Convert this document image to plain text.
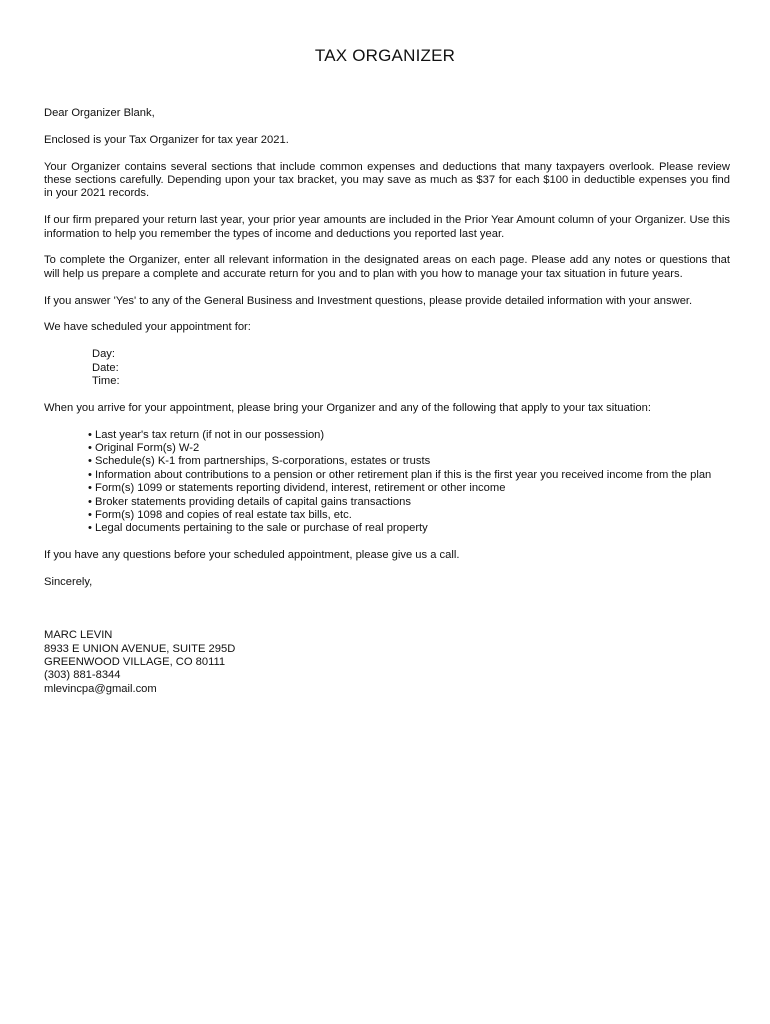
TAX ORGANIZER

Dear Organizer Blank,

Enclosed is your Tax Organizer for tax year 2021.

Your Organizer contains several sections that include common expenses and deductions that many taxpayers overlook. Please review these sections carefully. Depending upon your tax bracket, you may save as much as $37 for each $100 in deductible expenses you find in your 2021 records.

If our firm prepared your return last year, your prior year amounts are included in the Prior Year Amount column of your Organizer. Use this information to help you remember the types of income and deductions you reported last year.

To complete the Organizer, enter all relevant information in the designated areas on each page. Please add any notes or questions that will help us prepare a complete and accurate return for you and to plan with you how to manage your tax situation in future years.

If you answer 'Yes' to any of the General Business and Investment questions, please provide detailed information with your answer.

We have scheduled your appointment for:

Day:
Date:
Time:

When you arrive for your appointment, please bring your Organizer and any of the following that apply to your tax situation:

• Last year's tax return (if not in our possession)
• Original Form(s) W-2
• Schedule(s) K-1 from partnerships, S-corporations, estates or trusts
• Information about contributions to a pension or other retirement plan if this is the first year you received income from the plan
• Form(s) 1099 or statements reporting dividend, interest, retirement or other income
• Broker statements providing details of capital gains transactions
• Form(s) 1098 and copies of real estate tax bills, etc.
• Legal documents pertaining to the sale or purchase of real property

If you have any questions before your scheduled appointment, please give us a call.

Sincerely,

MARC LEVIN
8933 E UNION AVENUE, SUITE 295D
GREENWOOD VILLAGE, CO 80111
(303) 881-8344
mlevincpa@gmail.com
